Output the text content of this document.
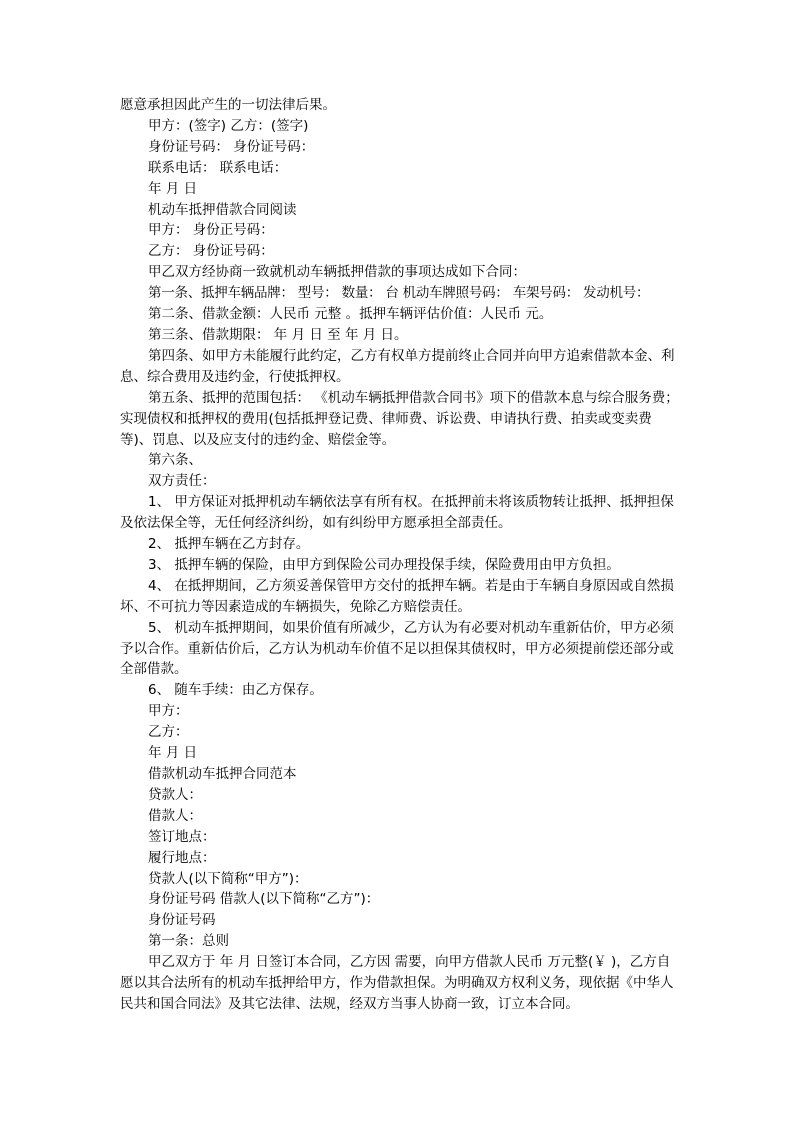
愿意承担因此产生的一切法律后果。

甲方：(签字) 乙方：(签字)

身份证号码： 身份证号码：

联系电话： 联系电话：

年 月 日

机动车抵押借款合同阅读

甲方： 身份正号码：

乙方： 身份证号码：

甲乙双方经协商一致就机动车辆抵押借款的事项达成如下合同：

第一条、抵押车辆品牌： 型号： 数量： 台 机动车牌照号码： 车架号码： 发动机号：

第二条、借款金额：人民币 元整 。抵押车辆评估价值：人民币 元。

第三条、借款期限： 年 月 日 至 年 月 日。

第四条、如甲方未能履行此约定，乙方有权单方提前终止合同并向甲方追索借款本金、利息、综合费用及违约金，行使抵押权。

第五条、抵押的范围包括： 《机动车辆抵押借款合同书》项下的借款本息与综合服务费；实现债权和抵押权的费用(包括抵押登记费、律师费、诉讼费、申请执行费、拍卖或变卖费等)、罚息、以及应支付的违约金、赔偿金等。

第六条、

双方责任：

1、 甲方保证对抵押机动车辆依法享有所有权。在抵押前未将该质物转让抵押、抵押担保及依法保全等，无任何经济纠纷，如有纠纷甲方愿承担全部责任。

2、 抵押车辆在乙方封存。

3、 抵押车辆的保险，由甲方到保险公司办理投保手续，保险费用由甲方负担。

4、 在抵押期间，乙方须妥善保管甲方交付的抵押车辆。若是由于车辆自身原因或自然损坏、不可抗力等因素造成的车辆损失，免除乙方赔偿责任。

5、 机动车抵押期间，如果价值有所减少，乙方认为有必要对机动车重新估价，甲方必须予以合作。重新估价后，乙方认为机动车价值不足以担保其债权时，甲方必须提前偿还部分或全部借款。

6、 随车手续：由乙方保存。

甲方：

乙方：

年 月 日

借款机动车抵押合同范本

贷款人：

借款人：

签订地点：

履行地点：

贷款人(以下简称“甲方”)：

身份证号码 借款人(以下简称“乙方”)：

身份证号码

第一条：总则

甲乙双方于 年 月 日签订本合同，乙方因 需要，向甲方借款人民币 万元整(￥ )，乙方自愿以其合法所有的机动车抵押给甲方，作为借款担保。为明确双方权利义务，现依据《中华人民共和国合同法》及其它法律、法规，经双方当事人协商一致，订立本合同。
